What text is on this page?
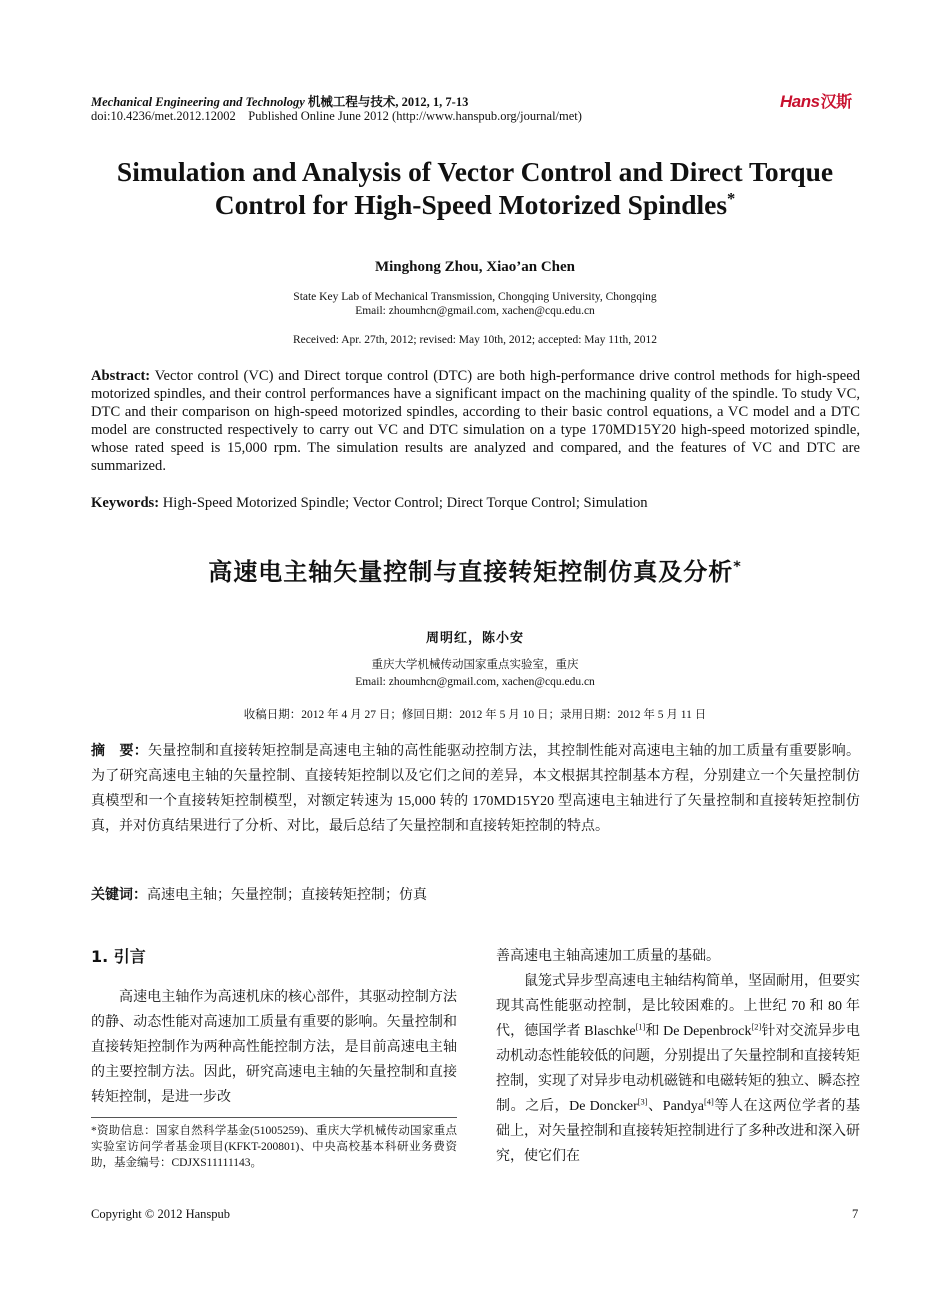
Mechanical Engineering and Technology 机械工程与技术, 2012, 1, 7-13
doi:10.4236/met.2012.12002    Published Online June 2012 (http://www.hanspub.org/journal/met)
Hans汉斯
Simulation and Analysis of Vector Control and Direct Torque
Control for High-Speed Motorized Spindles*
Minghong Zhou, Xiao’an Chen
State Key Lab of Mechanical Transmission, Chongqing University, Chongqing
Email: zhoumhcn@gmail.com, xachen@cqu.edu.cn
Received: Apr. 27th, 2012; revised: May 10th, 2012; accepted: May 11th, 2012
Abstract: Vector control (VC) and Direct torque control (DTC) are both high-performance drive control methods for high-speed motorized spindles, and their control performances have a significant impact on the machining quality of the spindle. To study VC, DTC and their comparison on high-speed motorized spindles, according to their basic control equations, a VC model and a DTC model are constructed respectively to carry out VC and DTC simulation on a type 170MD15Y20 high-speed motorized spindle, whose rated speed is 15,000 rpm. The simulation results are analyzed and compared, and the features of VC and DTC are summarized.
Keywords: High-Speed Motorized Spindle; Vector Control; Direct Torque Control; Simulation
高速电主轴矢量控制与直接转矩控制仿真及分析*
周明红，陈小安
重庆大学机械传动国家重点实验室，重庆
Email: zhoumhcn@gmail.com, xachen@cqu.edu.cn
收稿日期：2012 年 4 月 27 日；修回日期：2012 年 5 月 10 日；录用日期：2012 年 5 月 11 日
摘　要：矢量控制和直接转矩控制是高速电主轴的高性能驱动控制方法，其控制性能对高速电主轴的加工质量有重要影响。为了研究高速电主轴的矢量控制、直接转矩控制以及它们之间的差异，本文根据其控制基本方程，分别建立一个矢量控制仿真模型和一个直接转矩控制模型，对额定转速为 15,000 转的 170MD15Y20 型高速电主轴进行了矢量控制和直接转矩控制仿真，并对仿真结果进行了分析、对比，最后总结了矢量控制和直接转矩控制的特点。
关键词：高速电主轴；矢量控制；直接转矩控制；仿真
1. 引言
高速电主轴作为高速机床的核心部件，其驱动控制方法的静、动态性能对高速加工质量有重要的影响。矢量控制和直接转矩控制作为两种高性能控制方法，是目前高速电主轴的主要控制方法。因此，研究高速电主轴的矢量控制和直接转矩控制，是进一步改
*资助信息：国家自然科学基金(51005259)、重庆大学机械传动国家重点实验室访问学者基金项目(KFKT-200801)、中央高校基本科研业务费资助，基金编号：CDJXS11111143。

善高速电主轴高速加工质量的基础。

鼠笼式异步型高速电主轴结构简单，坚固耐用，但要实现其高性能驱动控制，是比较困难的。上世纪 70 和 80 年代，德国学者 Blaschke[1]和 De Depenbrock[2]针对交流异步电动机动态性能较低的问题，分别提出了矢量控制和直接转矩控制，实现了对异步电动机磁链和电磁转矩的独立、瞬态控制。之后，De Doncker[3]、Pandya[4]等人在这两位学者的基础上，对矢量控制和直接转矩控制进行了多种改进和深入研究，使它们在

Copyright © 2012 Hanspub	7
